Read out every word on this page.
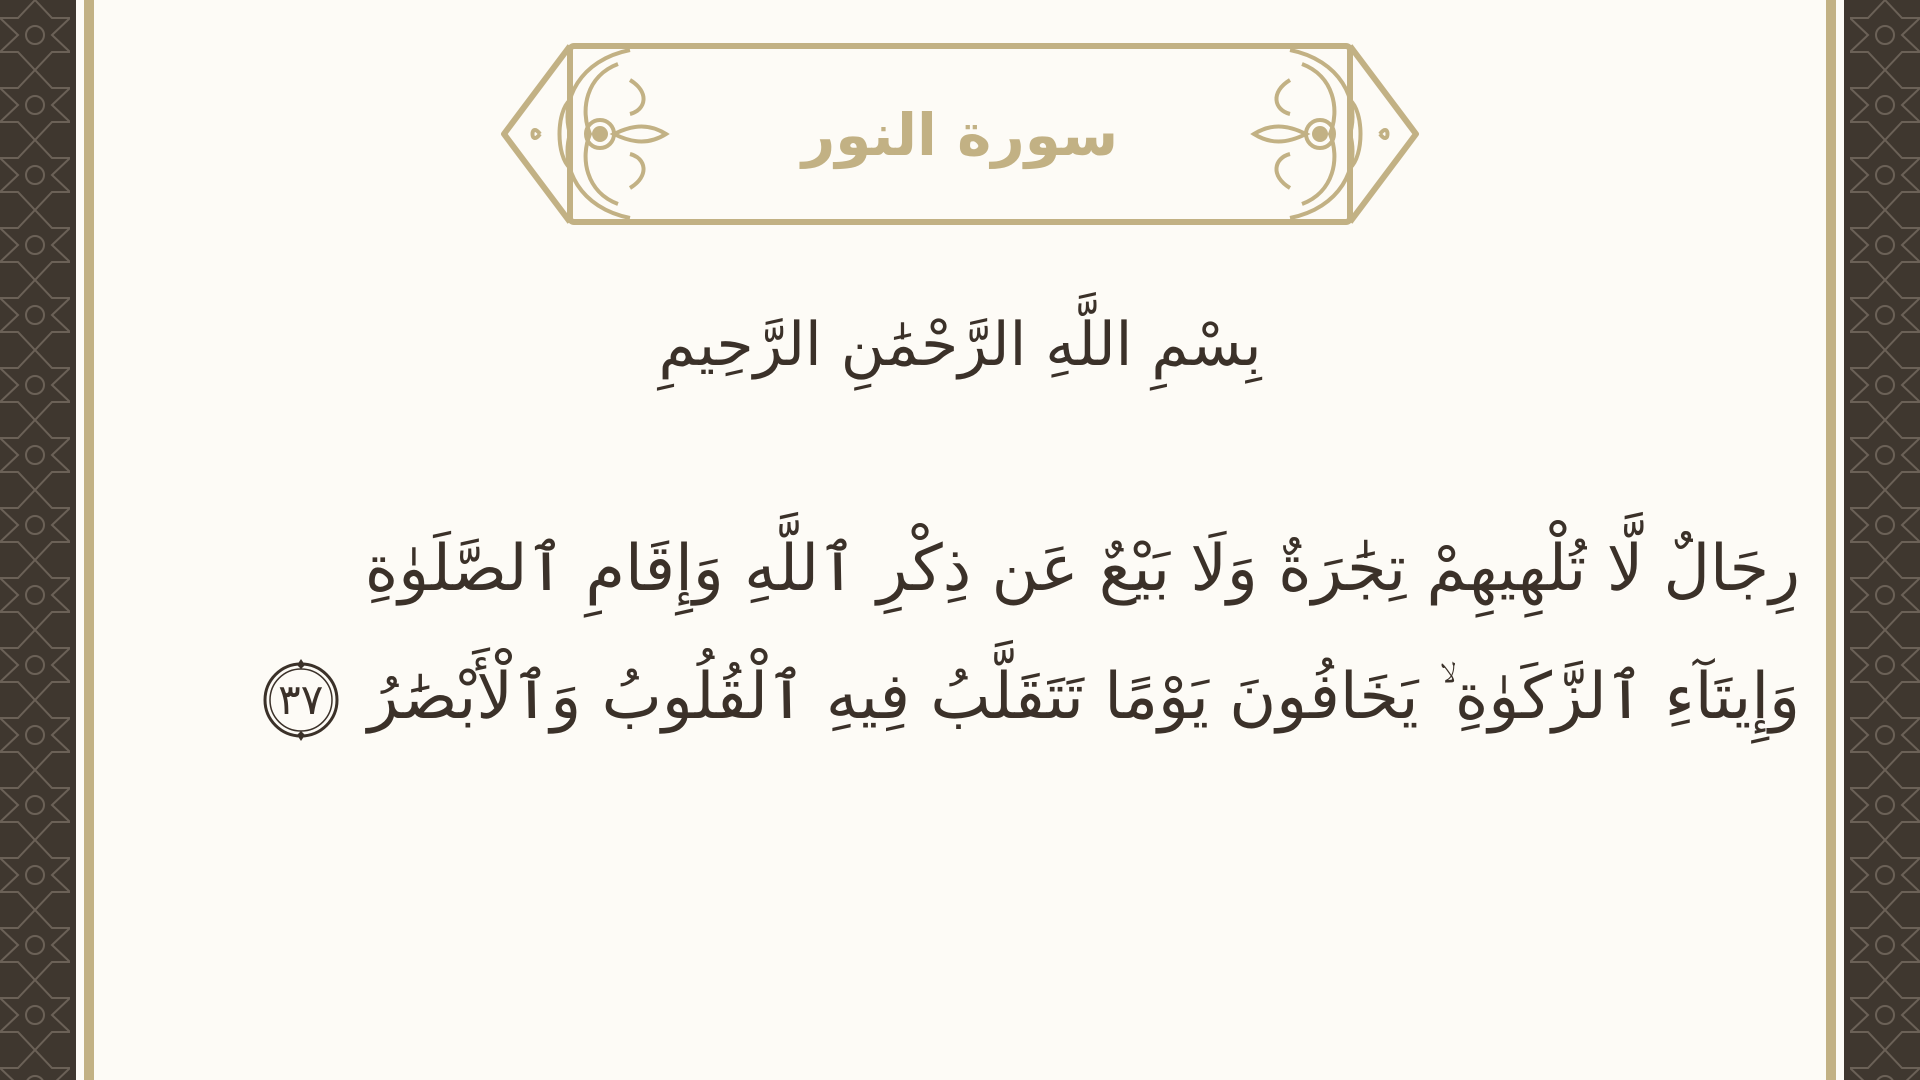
سورة النور
بِسْمِ اللَّهِ الرَّحْمَٰنِ الرَّحِيمِ
رِجَالٌ لَّا تُلْهِيهِمْ تِجَٰرَةٌ وَلَا بَيْعٌ عَن ذِكْرِ ٱللَّهِ وَإِقَامِ ٱلصَّلَوٰةِ
وَإِيتَآءِ ٱلزَّكَوٰةِ ۙ يَخَافُونَ يَوْمًا تَتَقَلَّبُ فِيهِ ٱلْقُلُوبُ وَٱلْأَبْصَٰرُ
٣٧
